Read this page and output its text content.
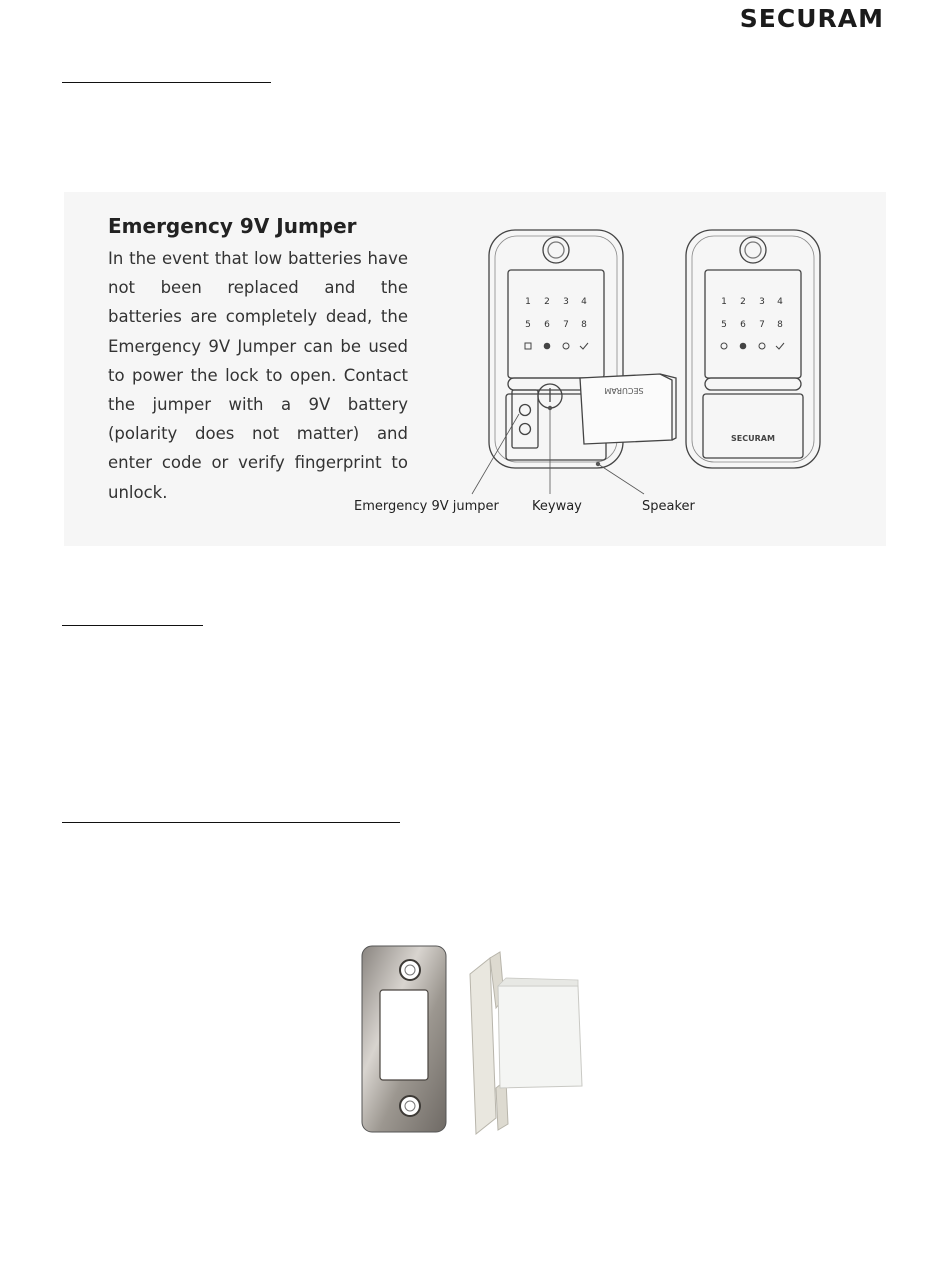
SECURAM
Emergency 9V Jumper
In the event that low batteries have
not been replaced and the
batteries are completely dead, the
Emergency 9V Jumper can be used
to power the lock to open. Contact
the jumper with a 9V battery
(polarity does not matter) and
enter code or verify fingerprint to
unlock.
SECURAM
1 2 3 4
5 6 7 8
SECURAM
1 2 3 4
5 6 7 8
Emergency 9V jumper	Keyway	Speaker
